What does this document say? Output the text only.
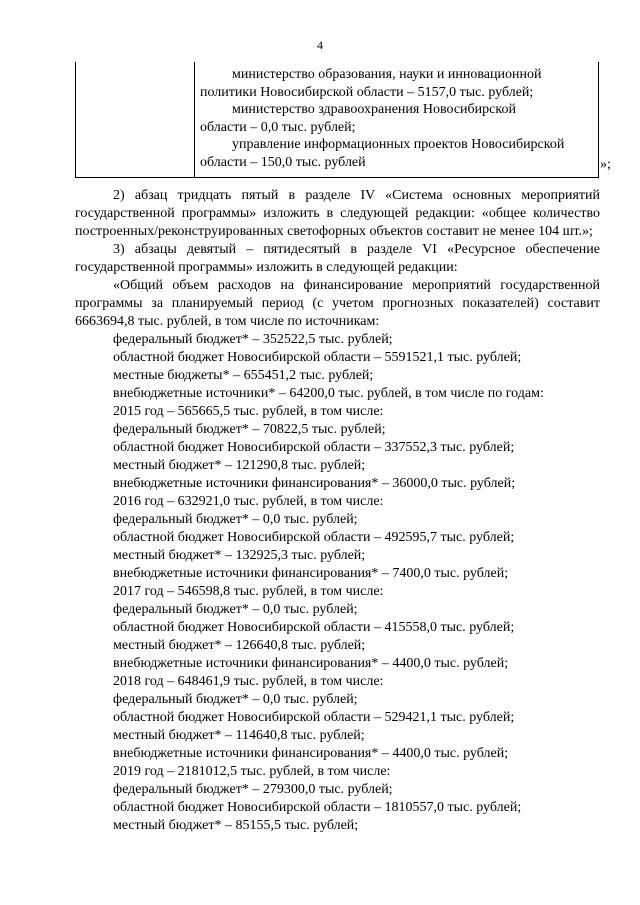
4

министерство образования, науки и инновационной

политики Новосибирской области – 5157,0 тыс. рублей;

министерство здравоохранения Новосибирской

области – 0,0 тыс. рублей;

управление информационных проектов Новосибирской

области – 150,0 тыс. рублей	»;

2) абзац тридцать пятый в разделе IV «Система основных мероприятий государственной программы» изложить в следующей редакции: «общее количество построенных/реконструированных светофорных объектов составит не менее 104 шт.»;

3) абзацы девятый – пятидесятый в разделе VI «Ресурсное обеспечение государственной программы» изложить в следующей редакции:

«Общий объем расходов на финансирование мероприятий государственной программы за планируемый период (с учетом прогнозных показателей) составит 6663694,8 тыс. рублей, в том числе по источникам:

федеральный бюджет* – 352522,5 тыс. рублей;

областной бюджет Новосибирской области – 5591521,1 тыс. рублей;

местные бюджеты* – 655451,2 тыс. рублей;

внебюджетные источники* – 64200,0 тыс. рублей, в том числе по годам:

2015 год – 565665,5 тыс. рублей, в том числе:

федеральный бюджет* – 70822,5 тыс. рублей;

областной бюджет Новосибирской области – 337552,3 тыс. рублей;

местный бюджет* – 121290,8 тыс. рублей;

внебюджетные источники финансирования* – 36000,0 тыс. рублей;

2016 год – 632921,0 тыс. рублей, в том числе:

федеральный бюджет* – 0,0 тыс. рублей;

областной бюджет Новосибирской области – 492595,7 тыс. рублей;

местный бюджет* – 132925,3 тыс. рублей;

внебюджетные источники финансирования* – 7400,0 тыс. рублей;

2017 год – 546598,8 тыс. рублей, в том числе:

федеральный бюджет* – 0,0 тыс. рублей;

областной бюджет Новосибирской области – 415558,0 тыс. рублей;

местный бюджет* – 126640,8 тыс. рублей;

внебюджетные источники финансирования* – 4400,0 тыс. рублей;

2018 год – 648461,9 тыс. рублей, в том числе:

федеральный бюджет* – 0,0 тыс. рублей;

областной бюджет Новосибирской области – 529421,1 тыс. рублей;

местный бюджет* – 114640,8 тыс. рублей;

внебюджетные источники финансирования* – 4400,0 тыс. рублей;

2019 год – 2181012,5 тыс. рублей, в том числе:

федеральный бюджет* – 279300,0 тыс. рублей;

областной бюджет Новосибирской области – 1810557,0 тыс. рублей;

местный бюджет* – 85155,5 тыс. рублей;
